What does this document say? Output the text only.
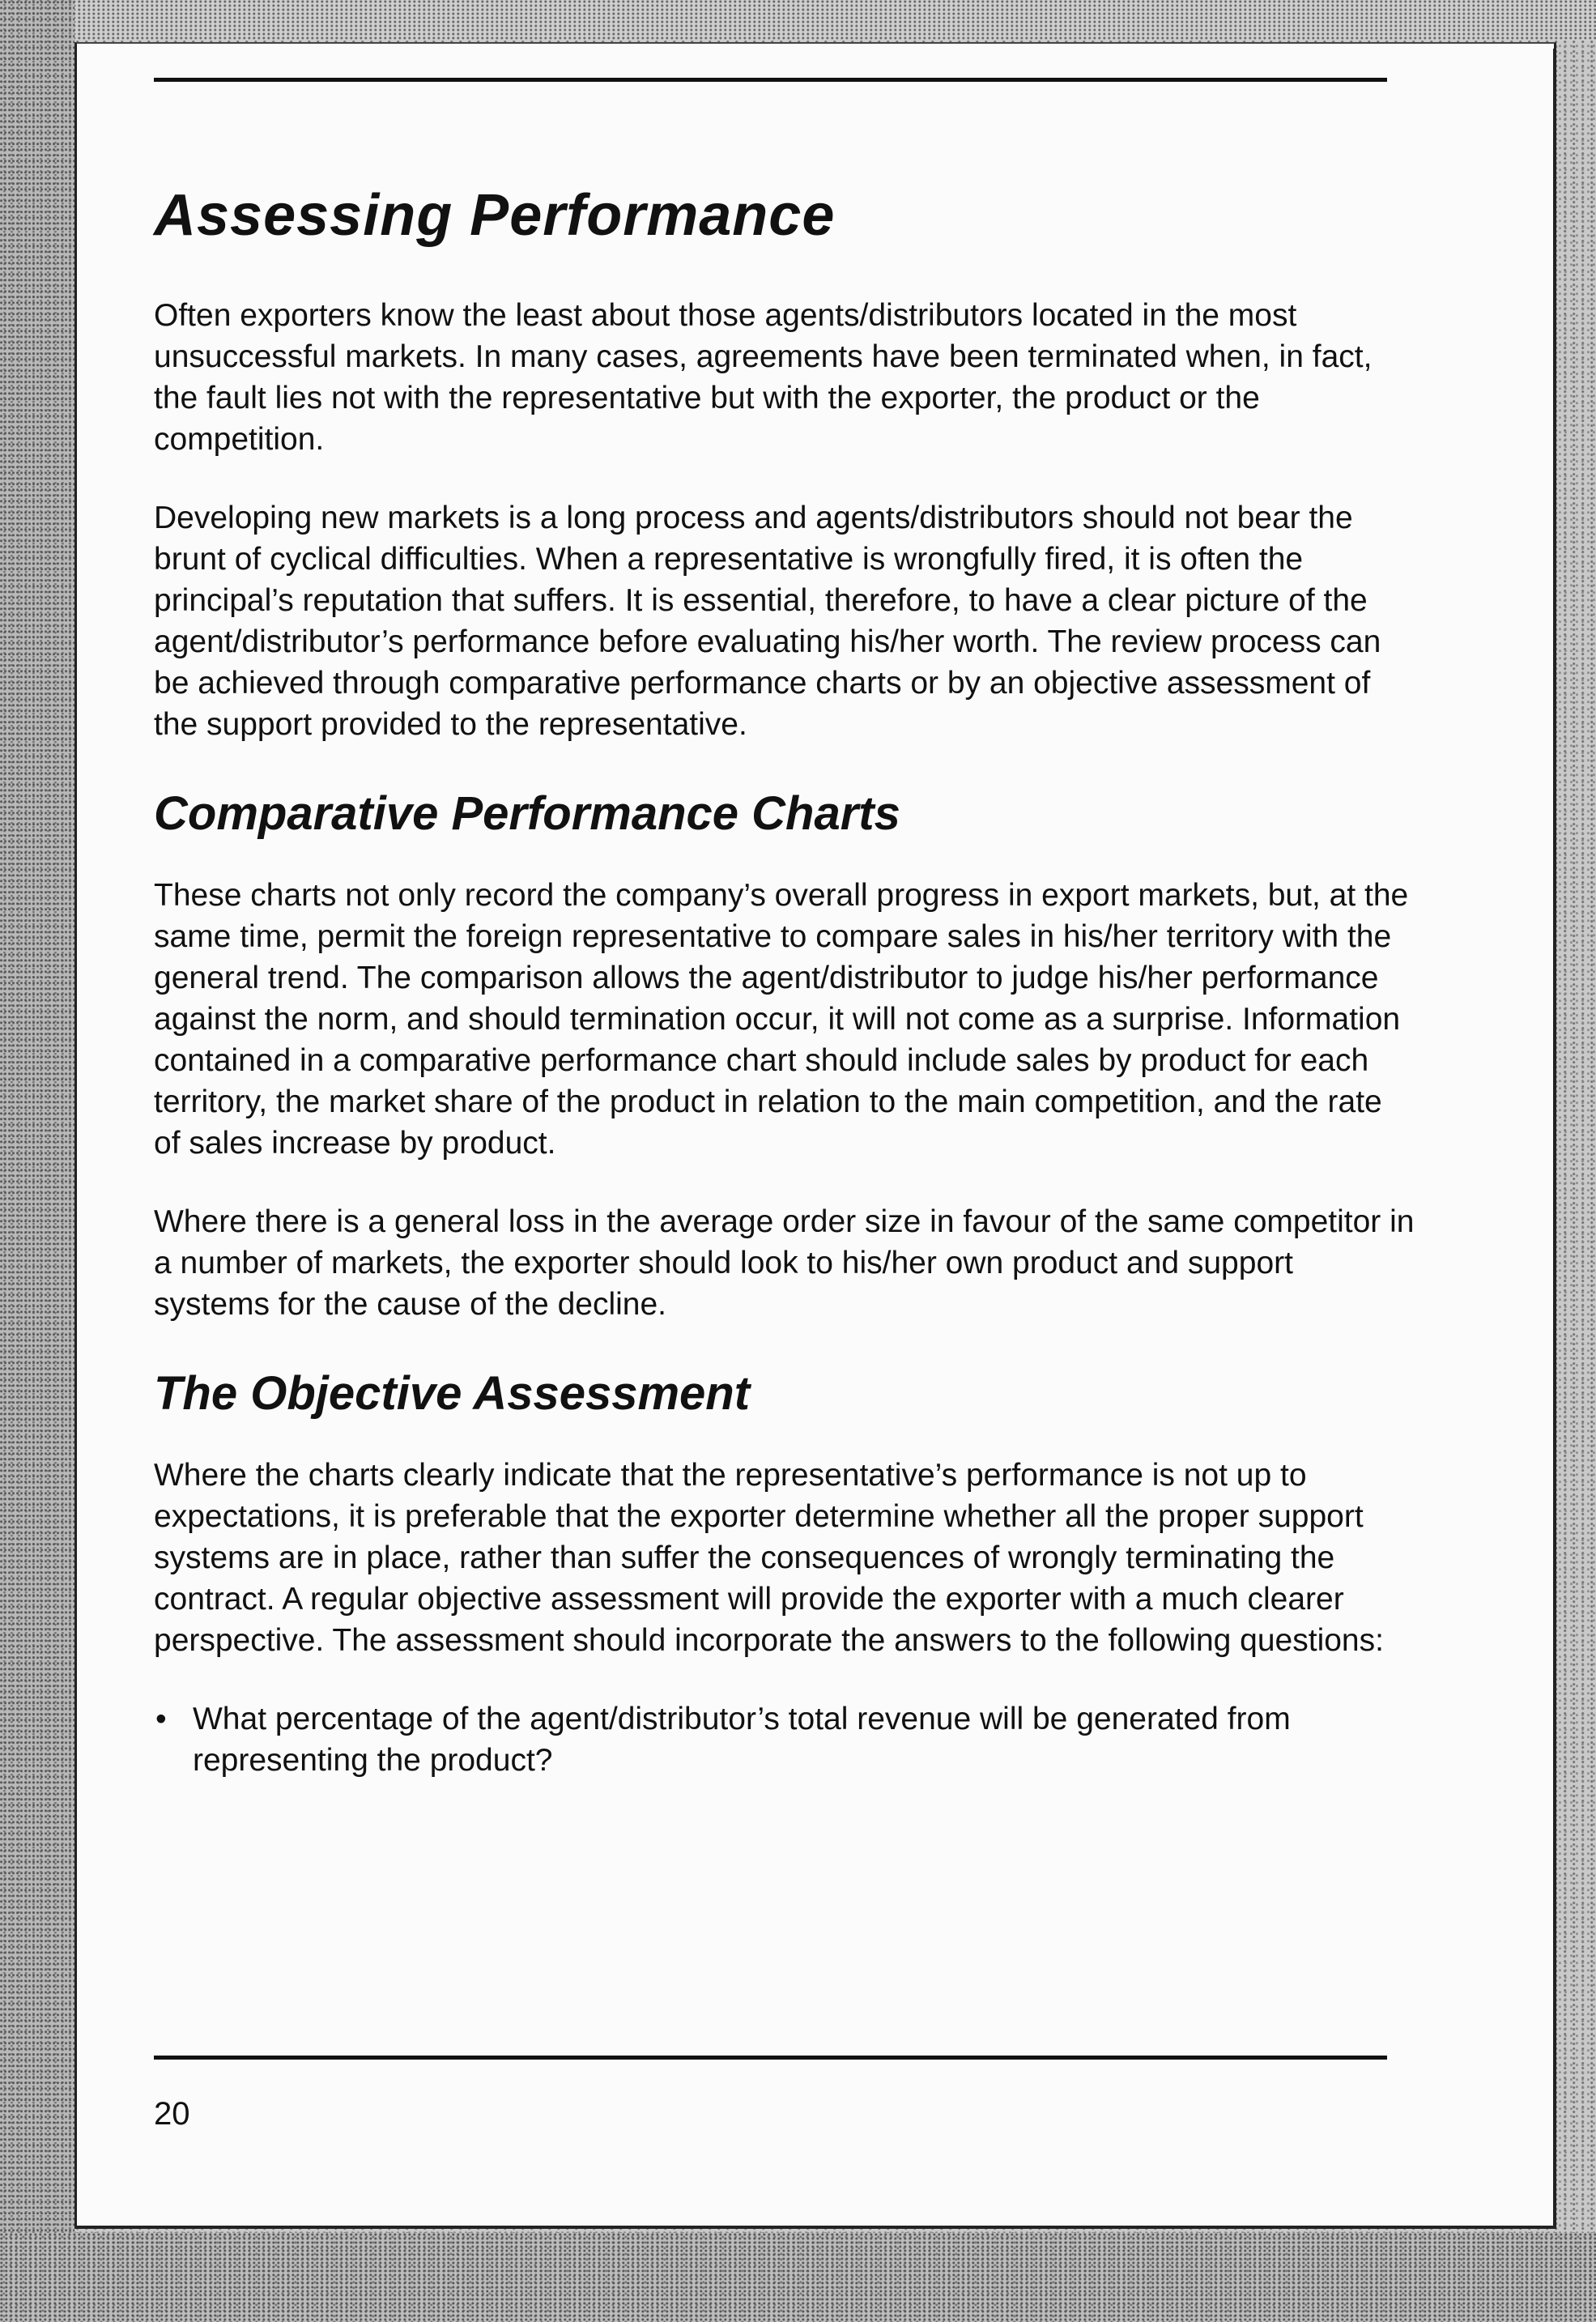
Assessing Performance

Often exporters know the least about those agents/distributors located in the most unsuccessful markets. In many cases, agreements have been terminated when, in fact, the fault lies not with the representative but with the exporter, the product or the competition.

Developing new markets is a long process and agents/distributors should not bear the brunt of cyclical difficulties. When a representative is wrongfully fired, it is often the principal’s reputation that suffers. It is essential, therefore, to have a clear picture of the agent/distributor’s performance before evaluating his/her worth. The review process can be achieved through comparative performance charts or by an objective assessment of the support provided to the representative.

Comparative Performance Charts

These charts not only record the company’s overall progress in export markets, but, at the same time, permit the foreign representative to compare sales in his/her territory with the general trend. The comparison allows the agent/distributor to judge his/her performance against the norm, and should termination occur, it will not come as a surprise. Information contained in a comparative performance chart should include sales by product for each territory, the market share of the product in relation to the main competition, and the rate of sales increase by product.

Where there is a general loss in the average order size in favour of the same competitor in a number of markets, the exporter should look to his/her own product and support systems for the cause of the decline.

The Objective Assessment

Where the charts clearly indicate that the representative’s performance is not up to expectations, it is preferable that the exporter determine whether all the proper support systems are in place, rather than suffer the consequences of wrongly terminating the contract. A regular objective assessment will provide the exporter with a much clearer perspective. The assessment should incorporate the answers to the following questions:

• What percentage of the agent/distributor’s total revenue will be generated from representing the product?
20
